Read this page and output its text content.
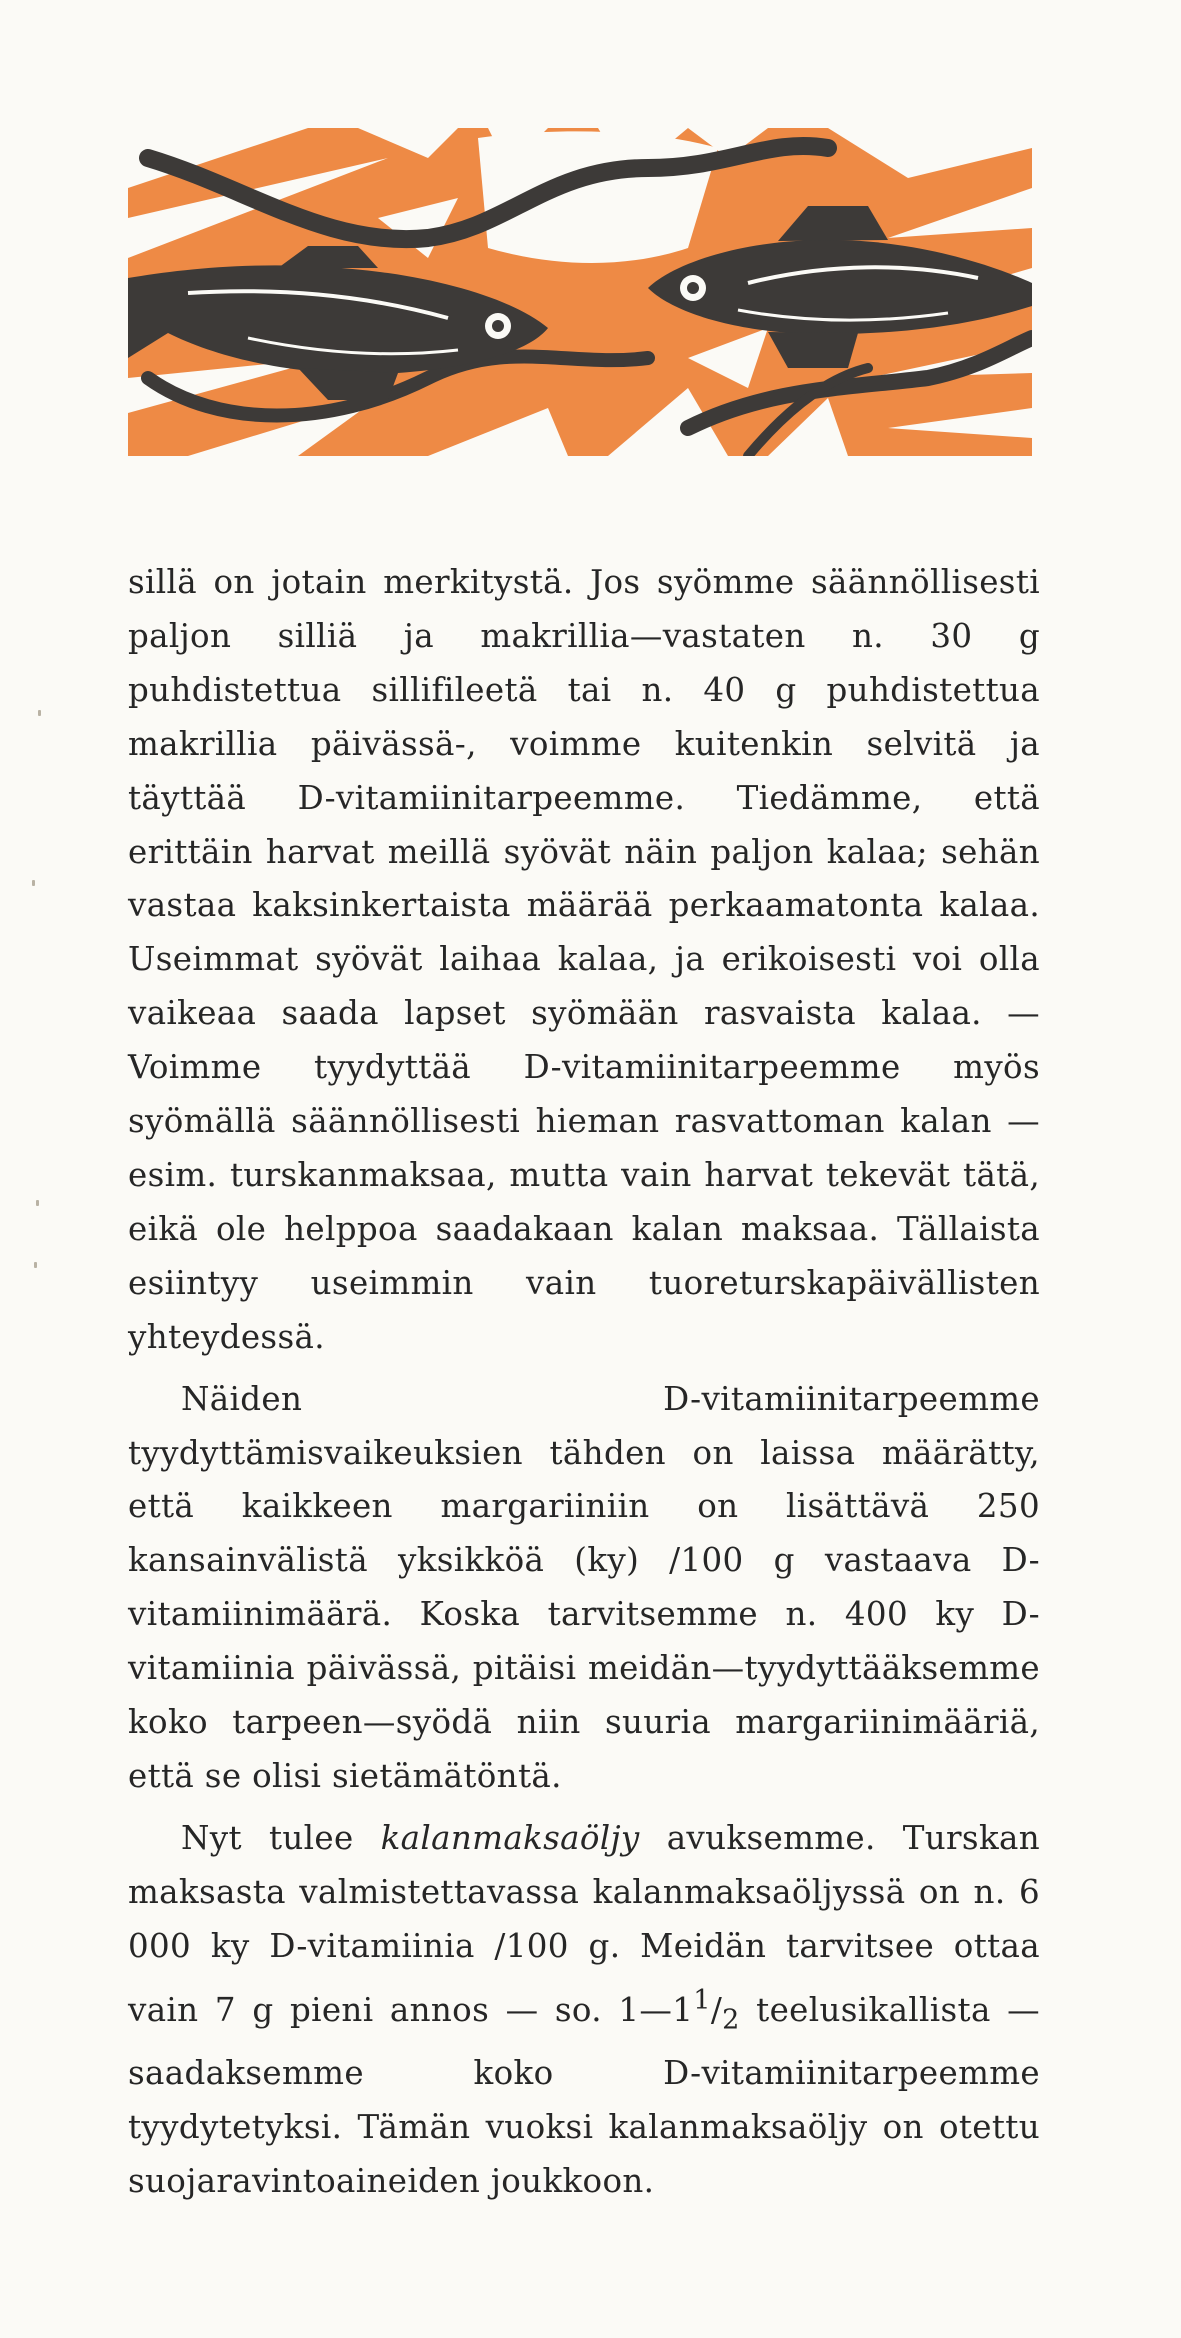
sillä on jotain merkitystä. Jos syömme säännöllisesti paljon silliä ja makrillia—vastaten n. 30 g puhdistettua sillifileetä tai n. 40 g puhdistettua makrillia päivässä-, voimme kuitenkin selvitä ja täyttää D-vitamiinitarpeemme. Tiedämme, että erittäin harvat meillä syövät näin paljon kalaa; sehän vastaa kaksinkertaista määrää perkaamatonta kalaa. Useimmat syövät laihaa kalaa, ja erikoisesti voi olla vaikeaa saada lapset syömään rasvaista kalaa. — Voimme tyydyttää D-vitamiinitarpeemme myös syömällä säännöllisesti hieman rasvattoman kalan — esim. turskanmaksaa, mutta vain harvat tekevät tätä, eikä ole helppoa saadakaan kalan maksaa. Tällaista esiintyy useimmin vain tuoreturskapäivällisten yhteydessä.

Näiden D-vitamiinitarpeemme tyydyttämisvaikeuksien tähden on laissa määrätty, että kaikkeen margariiniin on lisättävä 250 kansainvälistä yksikköä (ky) /100 g vastaava D-vitamiinimäärä. Koska tarvitsemme n. 400 ky D-vitamiinia päivässä, pitäisi meidän—tyydyttääksemme koko tarpeen—syödä niin suuria margariinimääriä, että se olisi sietämätöntä.

Nyt tulee kalanmaksaöljy avuksemme. Turskan maksasta valmistettavassa kalanmaksaöljyssä on n. 6 000 ky D-vitamiinia /100 g. Meidän tarvitsee ottaa vain 7 g pieni annos — so. $1—1^1/_2$ teelusikallista — saadaksemme koko D-vitamiinitarpeemme tyydytetyksi. Tämän vuoksi kalanmaksaöljy on otettu suojaravintoaineiden joukkoon.
